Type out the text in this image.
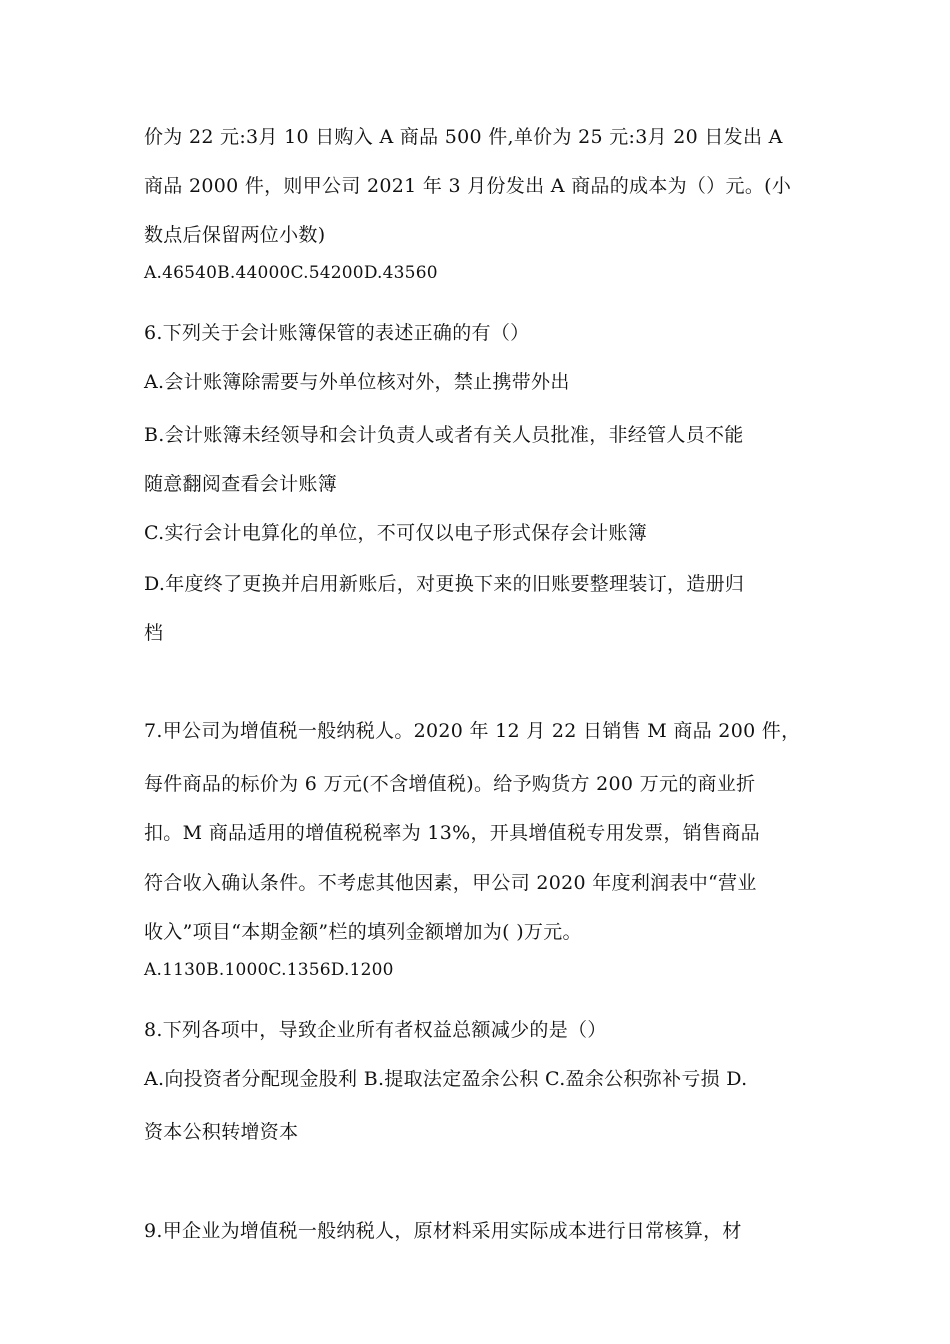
价为 22 元:3月 10 日购入 A 商品 500 件,单价为 25 元:3月 20 日发出 A
商品 2000 件，则甲公司 2021 年 3 月份发出 A 商品的成本为（）元。(小
数点后保留两位小数)
A.46540B.44000C.54200D.43560
6.下列关于会计账簿保管的表述正确的有（）
A.会计账簿除需要与外单位核对外，禁止携带外出
B.会计账簿未经领导和会计负责人或者有关人员批准，非经管人员不能
随意翻阅查看会计账簿
C.实行会计电算化的单位，不可仅以电子形式保存会计账簿
D.年度终了更换并启用新账后，对更换下来的旧账要整理装订，造册归
档
7.甲公司为增值税一般纳税人。2020 年 12 月 22 日销售 M 商品 200 件，
每件商品的标价为 6 万元(不含增值税)。给予购货方 200 万元的商业折
扣。M 商品适用的增值税税率为 13%，开具增值税专用发票，销售商品
符合收入确认条件。不考虑其他因素，甲公司 2020 年度利润表中“营业
收入”项目“本期金额”栏的填列金额增加为( )万元。
A.1130B.1000C.1356D.1200
8.下列各项中，导致企业所有者权益总额减少的是（）
A.向投资者分配现金股利 B.提取法定盈余公积 C.盈余公积弥补亏损 D.
资本公积转增资本
9.甲企业为增值税一般纳税人，原材料采用实际成本进行日常核算，材
